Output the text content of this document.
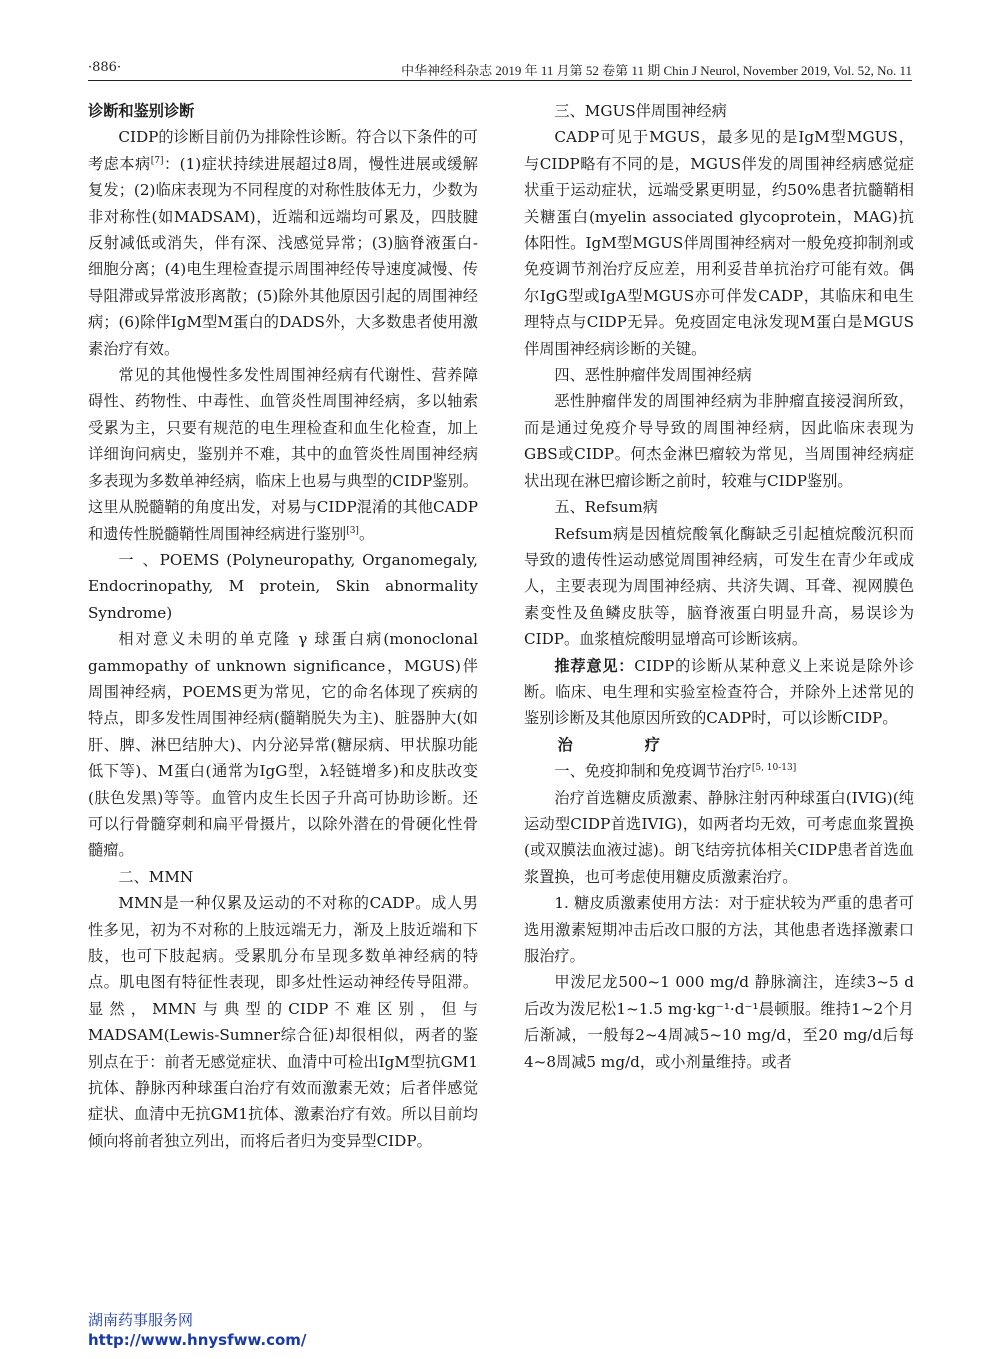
·886·	中华神经科杂志 2019 年 11 月第 52 卷第 11 期 Chin J Neurol, November 2019, Vol. 52, No. 11

诊断和鉴别诊断

CIDP的诊断目前仍为排除性诊断。符合以下条件的可考虑本病[7]：(1)症状持续进展超过8周，慢性进展或缓解复发；(2)临床表现为不同程度的对称性肢体无力，少数为非对称性(如MADSAM)，近端和远端均可累及，四肢腱反射减低或消失，伴有深、浅感觉异常；(3)脑脊液蛋白-细胞分离；(4)电生理检查提示周围神经传导速度减慢、传导阻滞或异常波形离散；(5)除外其他原因引起的周围神经病；(6)除伴IgM型M蛋白的DADS外，大多数患者使用激素治疗有效。

常见的其他慢性多发性周围神经病有代谢性、营养障碍性、药物性、中毒性、血管炎性周围神经病，多以轴索受累为主，只要有规范的电生理检查和血生化检查，加上详细询问病史，鉴别并不难，其中的血管炎性周围神经病多表现为多数单神经病，临床上也易与典型的CIDP鉴别。这里从脱髓鞘的角度出发，对易与CIDP混淆的其他CADP和遗传性脱髓鞘性周围神经病进行鉴别[3]。

一 、POEMS (Polyneuropathy, Organomegaly, Endocrinopathy, M protein, Skin abnormality Syndrome)

相对意义未明的单克隆 γ 球蛋白病(monoclonal gammopathy of unknown significance，MGUS)伴周围神经病，POEMS更为常见，它的命名体现了疾病的特点，即多发性周围神经病(髓鞘脱失为主)、脏器肿大(如肝、脾、淋巴结肿大)、内分泌异常(糖尿病、甲状腺功能低下等)、M蛋白(通常为IgG型，λ轻链增多)和皮肤改变(肤色发黑)等等。血管内皮生长因子升高可协助诊断。还可以行骨髓穿刺和扁平骨摄片，以除外潜在的骨硬化性骨髓瘤。

二、MMN

MMN是一种仅累及运动的不对称的CADP。成人男性多见，初为不对称的上肢远端无力，渐及上肢近端和下肢，也可下肢起病。受累肌分布呈现多数单神经病的特点。肌电图有特征性表现，即多灶性运动神经传导阻滞。显然，MMN与典型的CIDP不难区别，但与MADSAM(Lewis-Sumner综合征)却很相似，两者的鉴别点在于：前者无感觉症状、血清中可检出IgM型抗GM1抗体、静脉丙种球蛋白治疗有效而激素无效；后者伴感觉症状、血清中无抗GM1抗体、激素治疗有效。所以目前均倾向将前者独立列出，而将后者归为变异型CIDP。

三、MGUS伴周围神经病

CADP可见于MGUS，最多见的是IgM型MGUS，与CIDP略有不同的是，MGUS伴发的周围神经病感觉症状重于运动症状，远端受累更明显，约50%患者抗髓鞘相关糖蛋白(myelin associated glycoprotein，MAG)抗体阳性。IgM型MGUS伴周围神经病对一般免疫抑制剂或免疫调节剂治疗反应差，用利妥昔单抗治疗可能有效。偶尔IgG型或IgA型MGUS亦可伴发CADP，其临床和电生理特点与CIDP无异。免疫固定电泳发现M蛋白是MGUS伴周围神经病诊断的关键。

四、恶性肿瘤伴发周围神经病

恶性肿瘤伴发的周围神经病为非肿瘤直接浸润所致，而是通过免疫介导导致的周围神经病，因此临床表现为GBS或CIDP。何杰金淋巴瘤较为常见，当周围神经病症状出现在淋巴瘤诊断之前时，较难与CIDP鉴别。

五、Refsum病

Refsum病是因植烷酸氧化酶缺乏引起植烷酸沉积而导致的遗传性运动感觉周围神经病，可发生在青少年或成人，主要表现为周围神经病、共济失调、耳聋、视网膜色素变性及鱼鳞皮肤等，脑脊液蛋白明显升高，易误诊为CIDP。血浆植烷酸明显增高可诊断该病。

推荐意见：CIDP的诊断从某种意义上来说是除外诊断。临床、电生理和实验室检查符合，并除外上述常见的鉴别诊断及其他原因所致的CADP时，可以诊断CIDP。

治 疗

一、免疫抑制和免疫调节治疗[5, 10-13]

治疗首选糖皮质激素、静脉注射丙种球蛋白(IVIG)(纯运动型CIDP首选IVIG)，如两者均无效，可考虑血浆置换(或双膜法血液过滤)。朗飞结旁抗体相关CIDP患者首选血浆置换，也可考虑使用糖皮质激素治疗。

1. 糖皮质激素使用方法：对于症状较为严重的患者可选用激素短期冲击后改口服的方法，其他患者选择激素口服治疗。

甲泼尼龙500~1 000 mg/d 静脉滴注，连续3~5 d后改为泼尼松1~1.5 mg·kg⁻¹·d⁻¹晨顿服。维持1~2个月后渐减，一般每2~4周减5~10 mg/d，至20 mg/d后每4~8周减5 mg/d，或小剂量维持。或者

湖南药事服务网
http://www.hnysfww.com/
